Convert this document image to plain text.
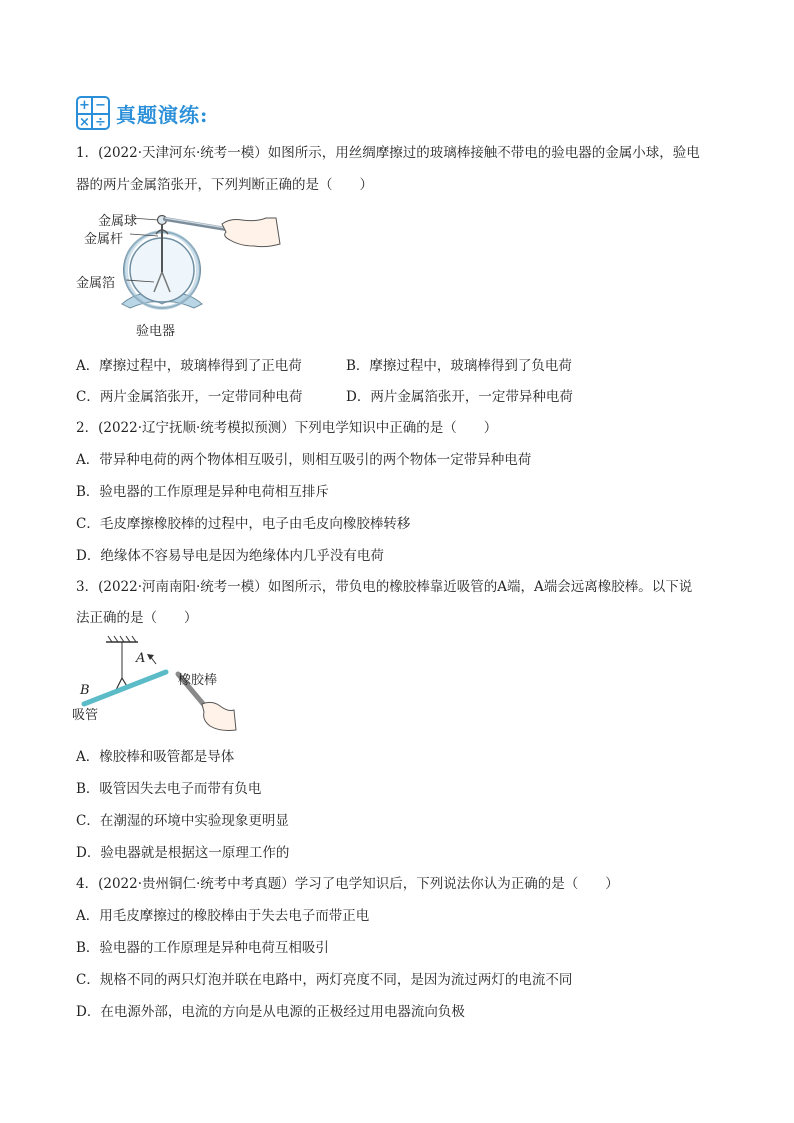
+ −
× ÷ 真题演练:
1．(2022·天津河东·统考一模）如图所示，用丝绸摩擦过的玻璃棒接触不带电的验电器的金属小球，验电
器的两片金属箔张开，下列判断正确的是（　　）
金属球
金属杆
金属箔
验电器
A．摩擦过程中，玻璃棒得到了正电荷	B．摩擦过程中，玻璃棒得到了负电荷
C．两片金属箔张开，一定带同种电荷	D．两片金属箔张开，一定带异种电荷
2．(2022·辽宁抚顺·统考模拟预测）下列电学知识中正确的是（　　）
A．带异种电荷的两个物体相互吸引，则相互吸引的两个物体一定带异种电荷
B．验电器的工作原理是异种电荷相互排斥
C．毛皮摩擦橡胶棒的过程中，电子由毛皮向橡胶棒转移
D．绝缘体不容易导电是因为绝缘体内几乎没有电荷
3．(2022·河南南阳·统考一模）如图所示，带负电的橡胶棒靠近吸管的A端，A端会远离橡胶棒。以下说
法正确的是（　　）
A
B
吸管
橡胶棒
A．橡胶棒和吸管都是导体
B．吸管因失去电子而带有负电
C．在潮湿的环境中实验现象更明显
D．验电器就是根据这一原理工作的
4．(2022·贵州铜仁·统考中考真题）学习了电学知识后，下列说法你认为正确的是（　　）
A．用毛皮摩擦过的橡胶棒由于失去电子而带正电
B．验电器的工作原理是异种电荷互相吸引
C．规格不同的两只灯泡并联在电路中，两灯亮度不同，是因为流过两灯的电流不同
D．在电源外部，电流的方向是从电源的正极经过用电器流向负极
